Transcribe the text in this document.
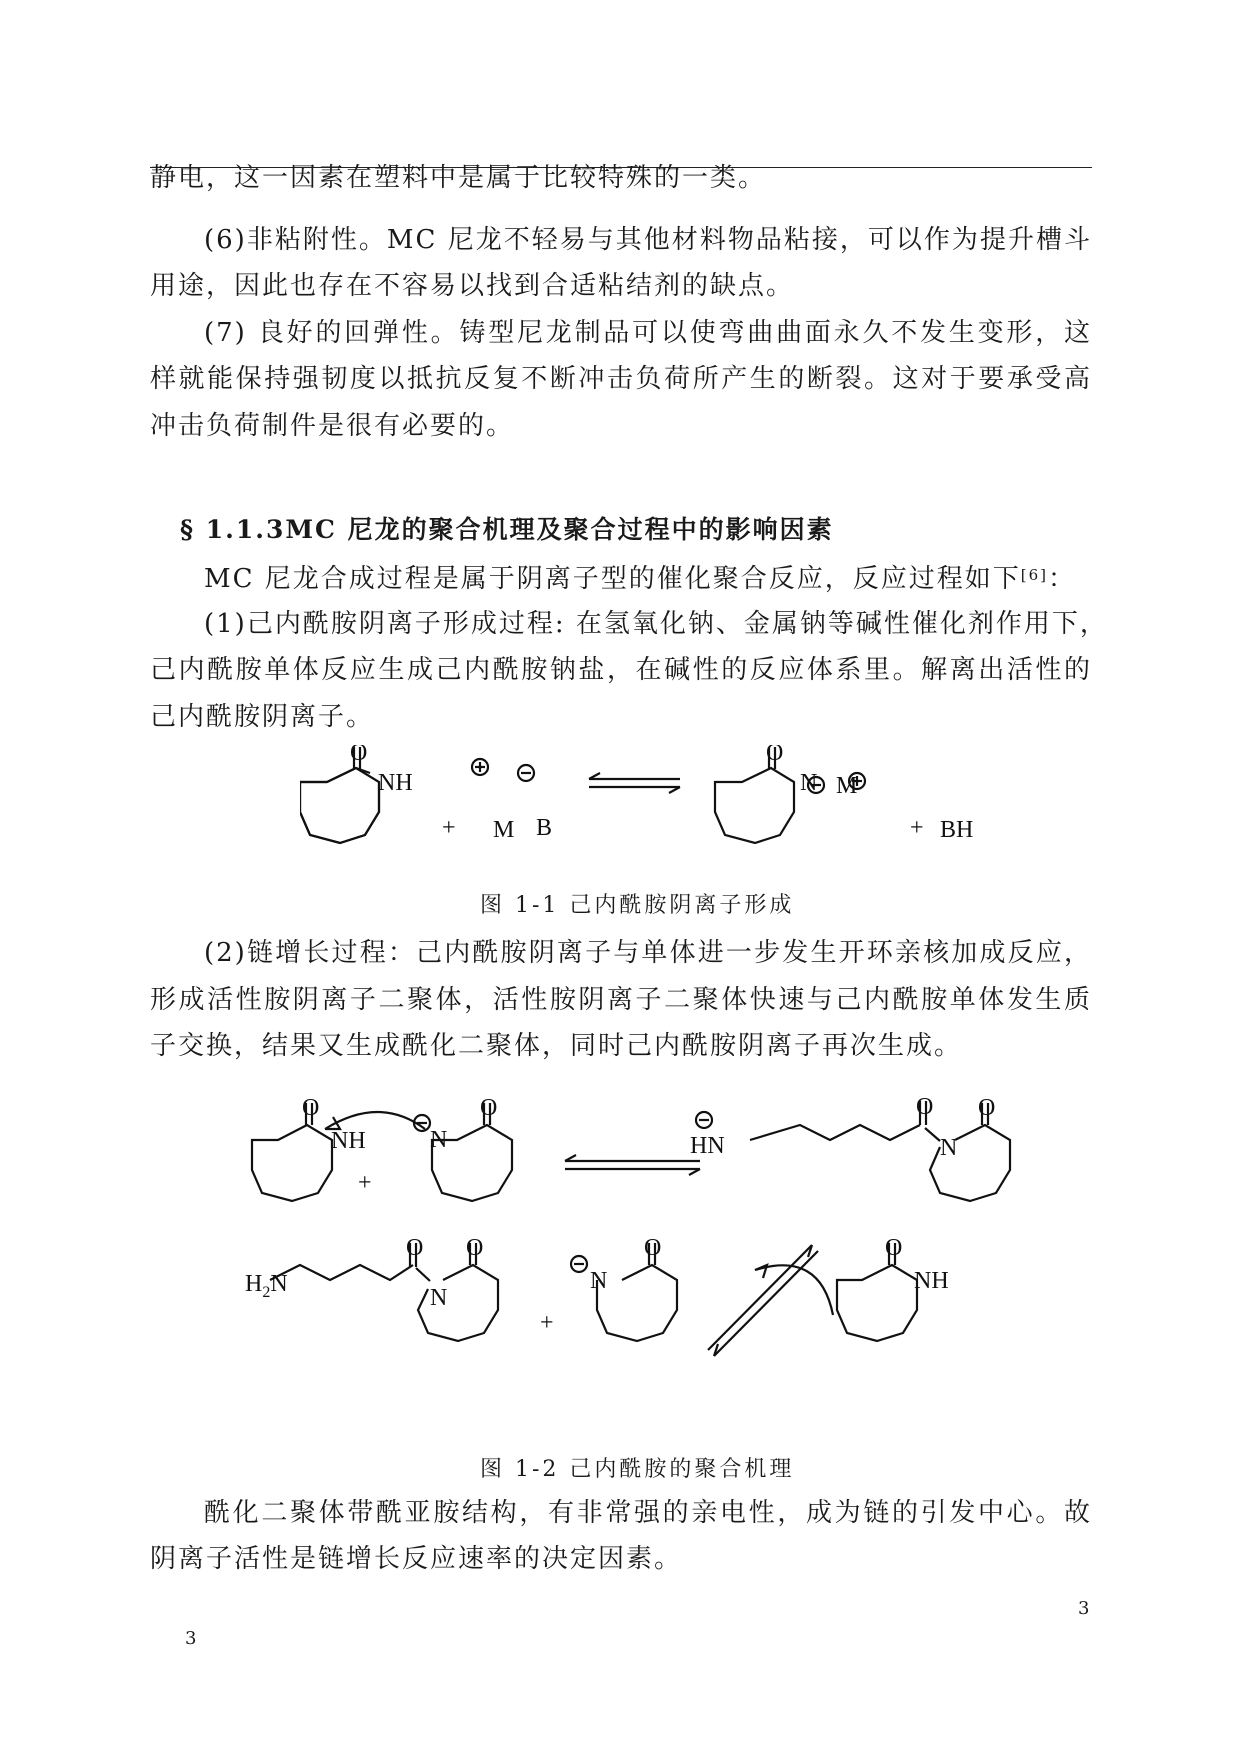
静电，这一因素在塑料中是属于比较特殊的一类。
(6)非粘附性。MC 尼龙不轻易与其他材料物品粘接，可以作为提升槽斗
用途，因此也存在不容易以找到合适粘结剂的缺点。
(7) 良好的回弹性。铸型尼龙制品可以使弯曲曲面永久不发生变形，这
样就能保持强韧度以抵抗反复不断冲击负荷所产生的断裂。这对于要承受高
冲击负荷制件是很有必要的。
§ 1.1.3MC 尼龙的聚合机理及聚合过程中的影响因素
MC 尼龙合成过程是属于阴离子型的催化聚合反应，反应过程如下[6]：
(1)己内酰胺阴离子形成过程: 在氢氧化钠、金属钠等碱性催化剂作用下，
己内酰胺单体反应生成己内酰胺钠盐，在碱性的反应体系里。解离出活性的
己内酰胺阴离子。
O
NH
+ M B
O
N M
+ BH
图 1-1 己内酰胺阴离子形成
(2)链增长过程：己内酰胺阴离子与单体进一步发生开环亲核加成反应，
形成活性胺阴离子二聚体，活性胺阴离子二聚体快速与己内酰胺单体发生质
子交换，结果又生成酰化二聚体，同时己内酰胺阴离子再次生成。
O
NH
+
N
O
HN
O
N
O
$H_2N$
O
N
O
+
N
O	O
NH
图 1-2 己内酰胺的聚合机理
酰化二聚体带酰亚胺结构，有非常强的亲电性，成为链的引发中心。故
阴离子活性是链增长反应速率的决定因素。
3
3
